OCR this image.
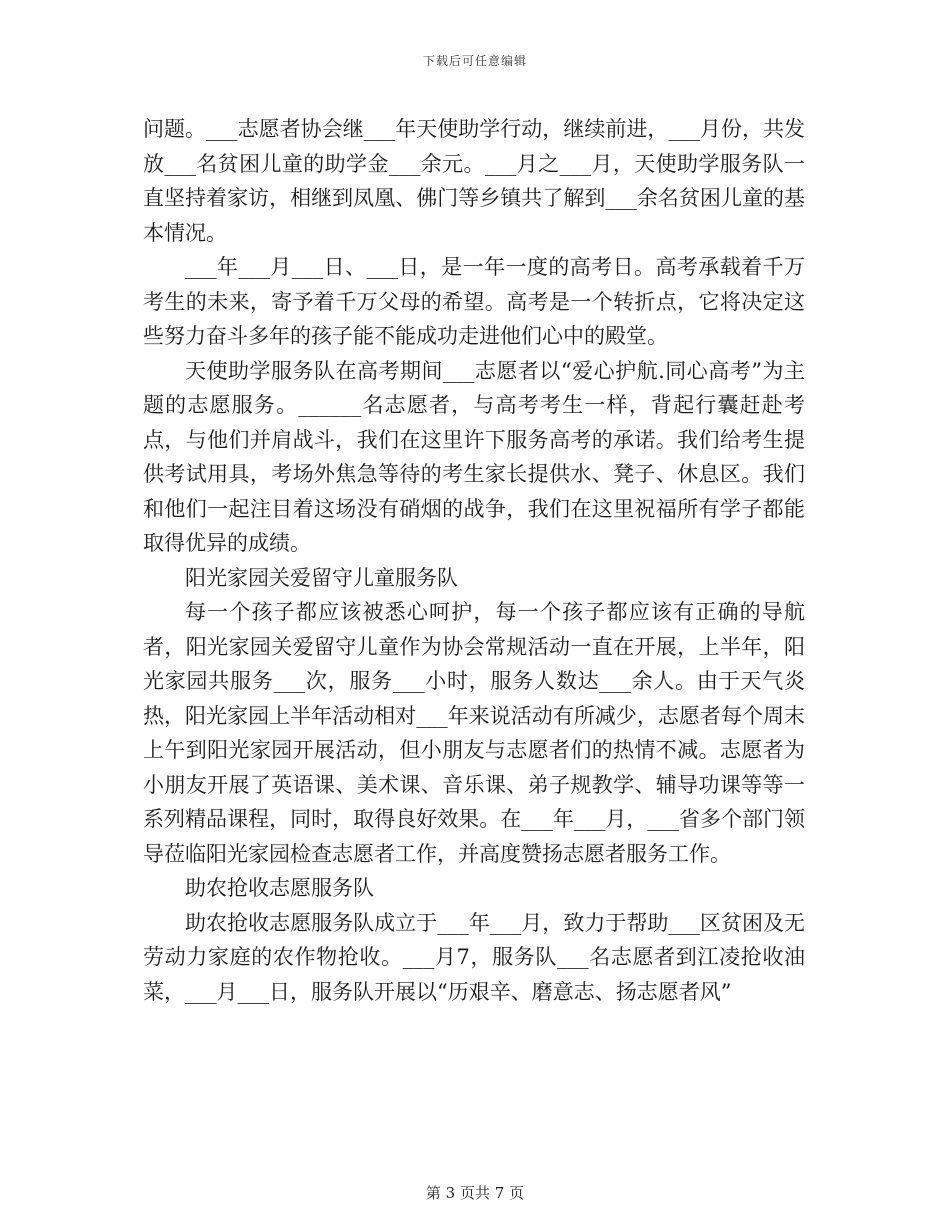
下载后可任意编辑

问题。___志愿者协会继___年天使助学行动，继续前进，___月份，共发放___名贫困儿童的助学金___余元。___月之___月，天使助学服务队一直坚持着家访，相继到凤凰、佛门等乡镇共了解到___余名贫困儿童的基本情况。

___年___月___日、___日，是一年一度的高考日。高考承载着千万考生的未来，寄予着千万父母的希望。高考是一个转折点，它将决定这些努力奋斗多年的孩子能不能成功走进他们心中的殿堂。

天使助学服务队在高考期间___志愿者以“爱心护航.同心高考”为主题的志愿服务。______名志愿者，与高考考生一样，背起行囊赶赴考点，与他们并肩战斗，我们在这里许下服务高考的承诺。我们给考生提供考试用具，考场外焦急等待的考生家长提供水、凳子、休息区。我们和他们一起注目着这场没有硝烟的战争，我们在这里祝福所有学子都能取得优异的成绩。

阳光家园关爱留守儿童服务队

每一个孩子都应该被悉心呵护，每一个孩子都应该有正确的导航者，阳光家园关爱留守儿童作为协会常规活动一直在开展，上半年，阳光家园共服务___次，服务___小时，服务人数达___余人。由于天气炎热，阳光家园上半年活动相对___年来说活动有所减少，志愿者每个周末上午到阳光家园开展活动，但小朋友与志愿者们的热情不减。志愿者为小朋友开展了英语课、美术课、音乐课、弟子规教学、辅导功课等等一系列精品课程，同时，取得良好效果。在___年___月，___省多个部门领导莅临阳光家园检查志愿者工作，并高度赞扬志愿者服务工作。

助农抢收志愿服务队

助农抢收志愿服务队成立于___年___月，致力于帮助___区贫困及无劳动力家庭的农作物抢收。___月7，服务队___名志愿者到江凌抢收油菜，___月___日，服务队开展以“历艰辛、磨意志、扬志愿者风”

第 3 页共 7 页
